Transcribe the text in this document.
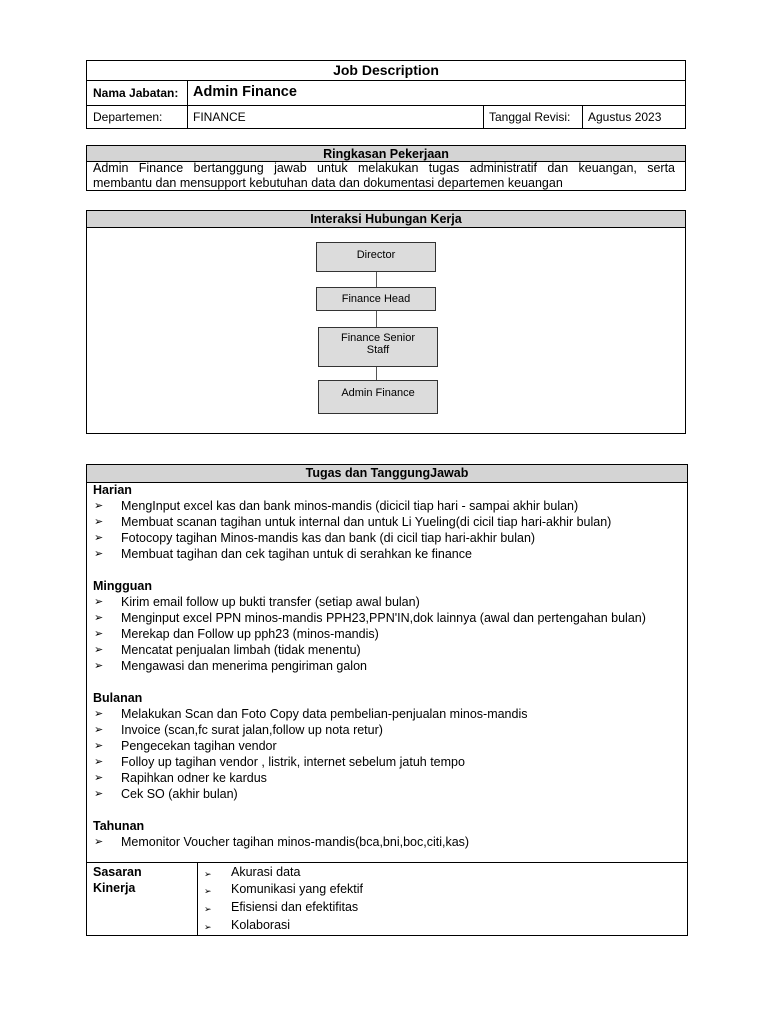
Job Description
Nama Jabatan: Admin Finance
Departemen:	FINANCE	Tanggal Revisi: Agustus 2023
Ringkasan Pekerjaan
Admin Finance bertanggung jawab untuk melakukan tugas administratif dan keuangan, serta
membantu dan mensupport kebutuhan data dan dokumentasi departemen keuangan
Interaksi Hubungan Kerja
Director
Finance Head
Finance Senior Staff
Admin Finance
Tugas dan TanggungJawab
Harian
➢ MengInput excel kas dan bank minos-mandis (dicicil tiap hari - sampai akhir bulan)
➢ Membuat scanan tagihan untuk internal dan untuk Li Yueling(di cicil tiap hari-akhir bulan)
➢ Fotocopy tagihan Minos-mandis kas dan bank (di cicil tiap hari-akhir bulan)
➢ Membuat tagihan dan cek tagihan untuk di serahkan ke finance
Mingguan
➢ Kirim email follow up bukti transfer (setiap awal bulan)
➢ Menginput excel PPN minos-mandis PPH23,PPN'IN,dok lainnya (awal dan pertengahan bulan)
➢ Merekap dan Follow up pph23 (minos-mandis)
➢ Mencatat penjualan limbah (tidak menentu)
➢ Mengawasi dan menerima pengiriman galon
Bulanan
➢ Melakukan Scan dan Foto Copy data pembelian-penjualan minos-mandis
➢ Invoice (scan,fc surat jalan,follow up nota retur)
➢ Pengecekan tagihan vendor
➢ Folloy up tagihan vendor , listrik, internet sebelum jatuh tempo
➢ Rapihkan odner ke kardus
➢ Cek SO (akhir bulan)
Tahunan
➢ Memonitor Voucher tagihan minos-mandis(bca,bni,boc,citi,kas)
Sasaran
Kinerja
➢ Akurasi data
➢ Komunikasi yang efektif
➢ Efisiensi dan efektifitas
➢ Kolaborasi
